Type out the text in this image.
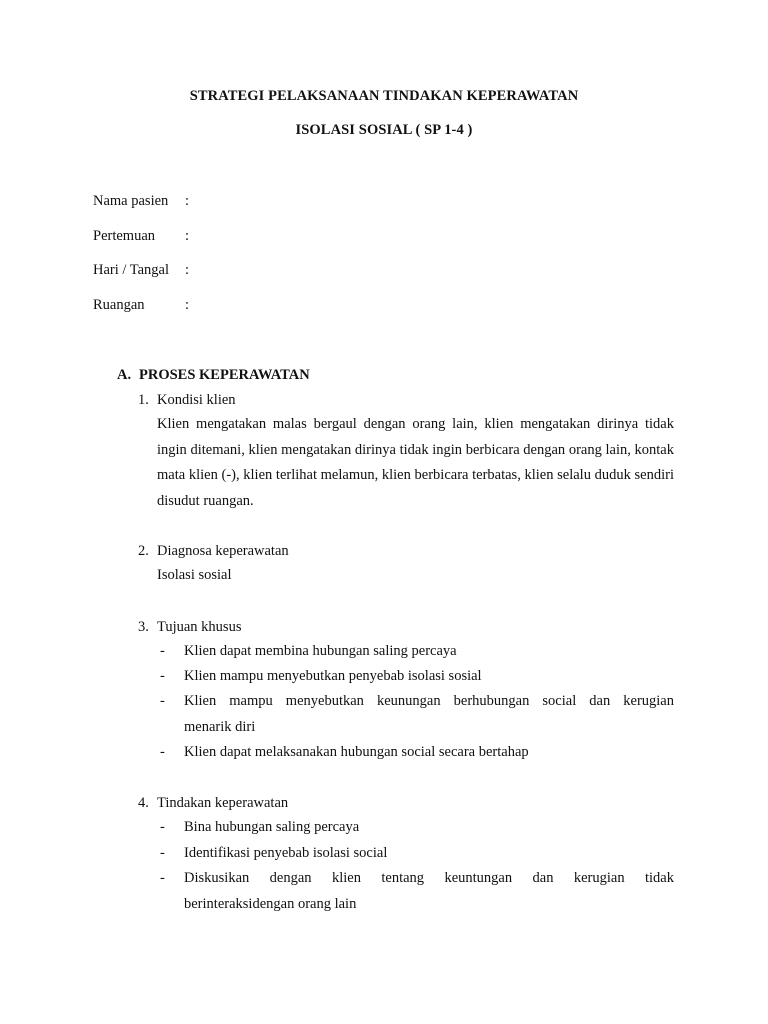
STRATEGI PELAKSANAAN TINDAKAN KEPERAWATAN
ISOLASI SOSIAL ( SP 1-4 )
Nama pasien :
Pertemuan :
Hari / Tangal :
Ruangan	:
A. PROSES KEPERAWATAN
1. Kondisi klien
Klien mengatakan malas bergaul dengan orang lain, klien mengatakan dirinya tidak ingin ditemani, klien mengatakan dirinya tidak ingin berbicara dengan orang lain, kontak mata klien (-), klien terlihat melamun, klien berbicara terbatas, klien selalu duduk sendiri disudut ruangan.
2. Diagnosa keperawatan
Isolasi sosial
3. Tujuan khusus
- Klien dapat membina hubungan saling percaya
- Klien mampu menyebutkan penyebab isolasi sosial
- Klien mampu menyebutkan keunungan berhubungan social dan kerugian
menarik diri
- Klien dapat melaksanakan hubungan social secara bertahap
4. Tindakan keperawatan
- Bina hubungan saling percaya
- Identifikasi penyebab isolasi social
- Diskusikan dengan klien tentang keuntungan dan kerugian tidak
berinteraksidengan orang lain
